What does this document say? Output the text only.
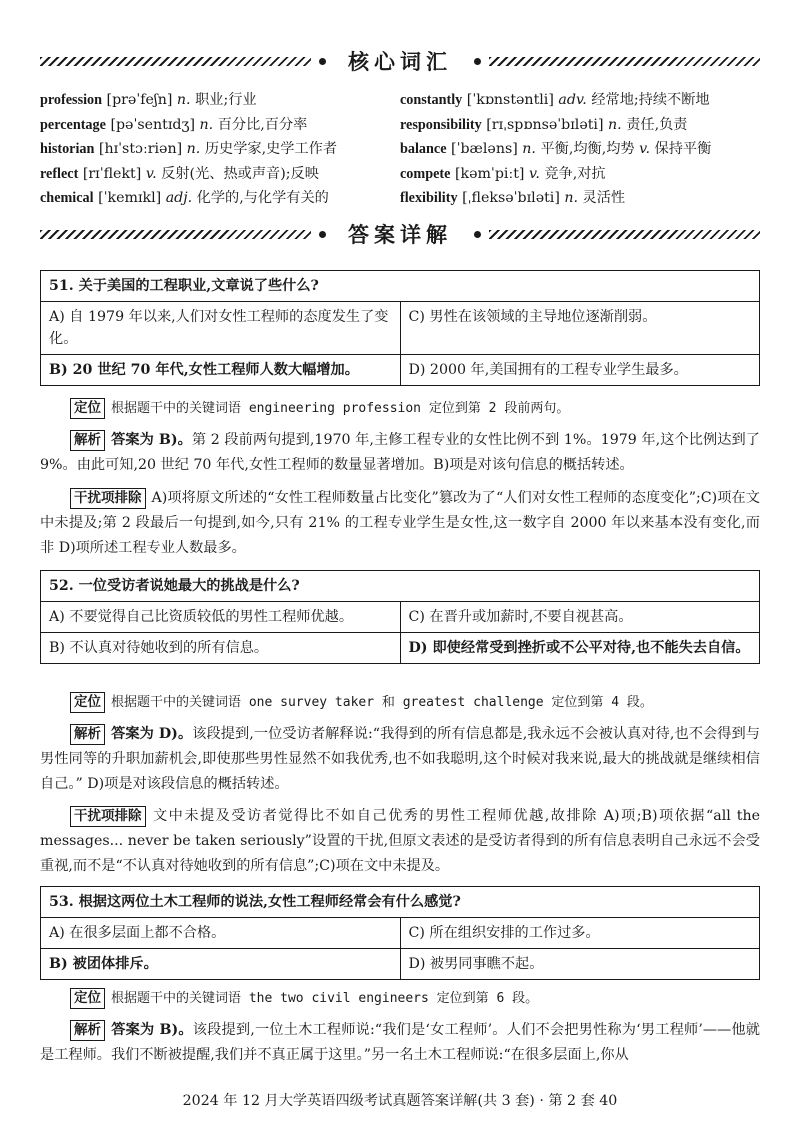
核心词汇
profession [prəˈfeʃn] n. 职业;行业
percentage [pəˈsentɪdʒ] n. 百分比,百分率
historian [hɪˈstɔːriən] n. 历史学家,史学工作者
reflect [rɪˈflekt] v. 反射(光、热或声音);反映
chemical [ˈkemɪkl] adj. 化学的,与化学有关的
constantly [ˈkɒnstəntli] adv. 经常地;持续不断地
responsibility [rɪˌspɒnsəˈbɪləti] n. 责任,负责
balance [ˈbæləns] n. 平衡,均衡,均势 v. 保持平衡
compete [kəmˈpiːt] v. 竞争,对抗
flexibility [ˌfleksəˈbɪləti] n. 灵活性
答案详解
51. 关于美国的工程职业,文章说了些什么?	
A) 自 1979 年以来,人们对女性工程师的态度发生了变化。	C) 男性在该领域的主导地位逐渐削弱。
B) 20 世纪 70 年代,女性工程师人数大幅增加。	D) 2000 年,美国拥有的工程专业学生最多。
定位 根据题干中的关键词语 engineering profession 定位到第 2 段前两句。
解析 答案为 B)。第 2 段前两句提到,1970 年,主修工程专业的女性比例不到 1%。1979 年,这个比例达到了 9%。由此可知,20 世纪 70 年代,女性工程师的数量显著增加。B)项是对该句信息的概括转述。
干扰项排除 A)项将原文所述的“女性工程师数量占比变化”篡改为了“人们对女性工程师的态度变化”;C)项在文中未提及;第 2 段最后一句提到,如今,只有 21% 的工程专业学生是女性,这一数字自 2000 年以来基本没有变化,而非 D)项所述工程专业人数最多。
52. 一位受访者说她最大的挑战是什么?	
A) 不要觉得自己比资质较低的男性工程师优越。	C) 在晋升或加薪时,不要自视甚高。
B) 不认真对待她收到的所有信息。	D) 即使经常受到挫折或不公平对待,也不能失去自信。
定位 根据题干中的关键词语 one survey taker 和 greatest challenge 定位到第 4 段。
解析 答案为 D)。该段提到,一位受访者解释说:“我得到的所有信息都是,我永远不会被认真对待,也不会得到与男性同等的升职加薪机会,即使那些男性显然不如我优秀,也不如我聪明,这个时候对我来说,最大的挑战就是继续相信自己。” D)项是对该段信息的概括转述。
干扰项排除 文中未提及受访者觉得比不如自己优秀的男性工程师优越,故排除 A)项;B)项依据“all the messages... never be taken seriously”设置的干扰,但原文表述的是受访者得到的所有信息表明自己永远不会受重视,而不是“不认真对待她收到的所有信息”;C)项在文中未提及。
53. 根据这两位土木工程师的说法,女性工程师经常会有什么感觉?	
A) 在很多层面上都不合格。	C) 所在组织安排的工作过多。
B) 被团体排斥。	D) 被男同事瞧不起。
定位 根据题干中的关键词语 the two civil engineers 定位到第 6 段。
解析 答案为 B)。该段提到,一位土木工程师说:“我们是‘女工程师’。人们不会把男性称为‘男工程师’——他就是工程师。我们不断被提醒,我们并不真正属于这里。”另一名土木工程师说:“在很多层面上,你从
2024 年 12 月大学英语四级考试真题答案详解(共 3 套) · 第 2 套 40
